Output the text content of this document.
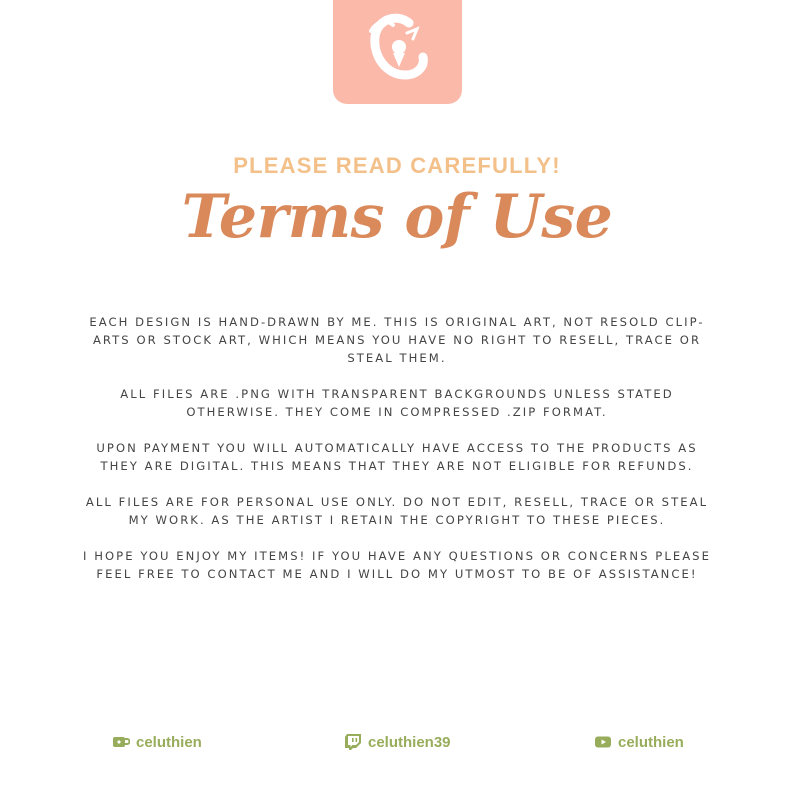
PLEASE READ CAREFULLY!
Terms of Use

EACH DESIGN IS HAND-DRAWN BY ME. THIS IS ORIGINAL ART, NOT RESOLD CLIP-ARTS OR STOCK ART, WHICH MEANS YOU HAVE NO RIGHT TO RESELL, TRACE OR STEAL THEM.

ALL FILES ARE .PNG WITH TRANSPARENT BACKGROUNDS UNLESS STATED OTHERWISE. THEY COME IN COMPRESSED .ZIP FORMAT.

UPON PAYMENT YOU WILL AUTOMATICALLY HAVE ACCESS TO THE PRODUCTS AS THEY ARE DIGITAL. THIS MEANS THAT THEY ARE NOT ELIGIBLE FOR REFUNDS.

ALL FILES ARE FOR PERSONAL USE ONLY. DO NOT EDIT, RESELL, TRACE OR STEAL MY WORK. AS THE ARTIST I RETAIN THE COPYRIGHT TO THESE PIECES.

I HOPE YOU ENJOY MY ITEMS! IF YOU HAVE ANY QUESTIONS OR CONCERNS PLEASE FEEL FREE TO CONTACT ME AND I WILL DO MY UTMOST TO BE OF ASSISTANCE!

celuthien	celuthien39	celuthien
